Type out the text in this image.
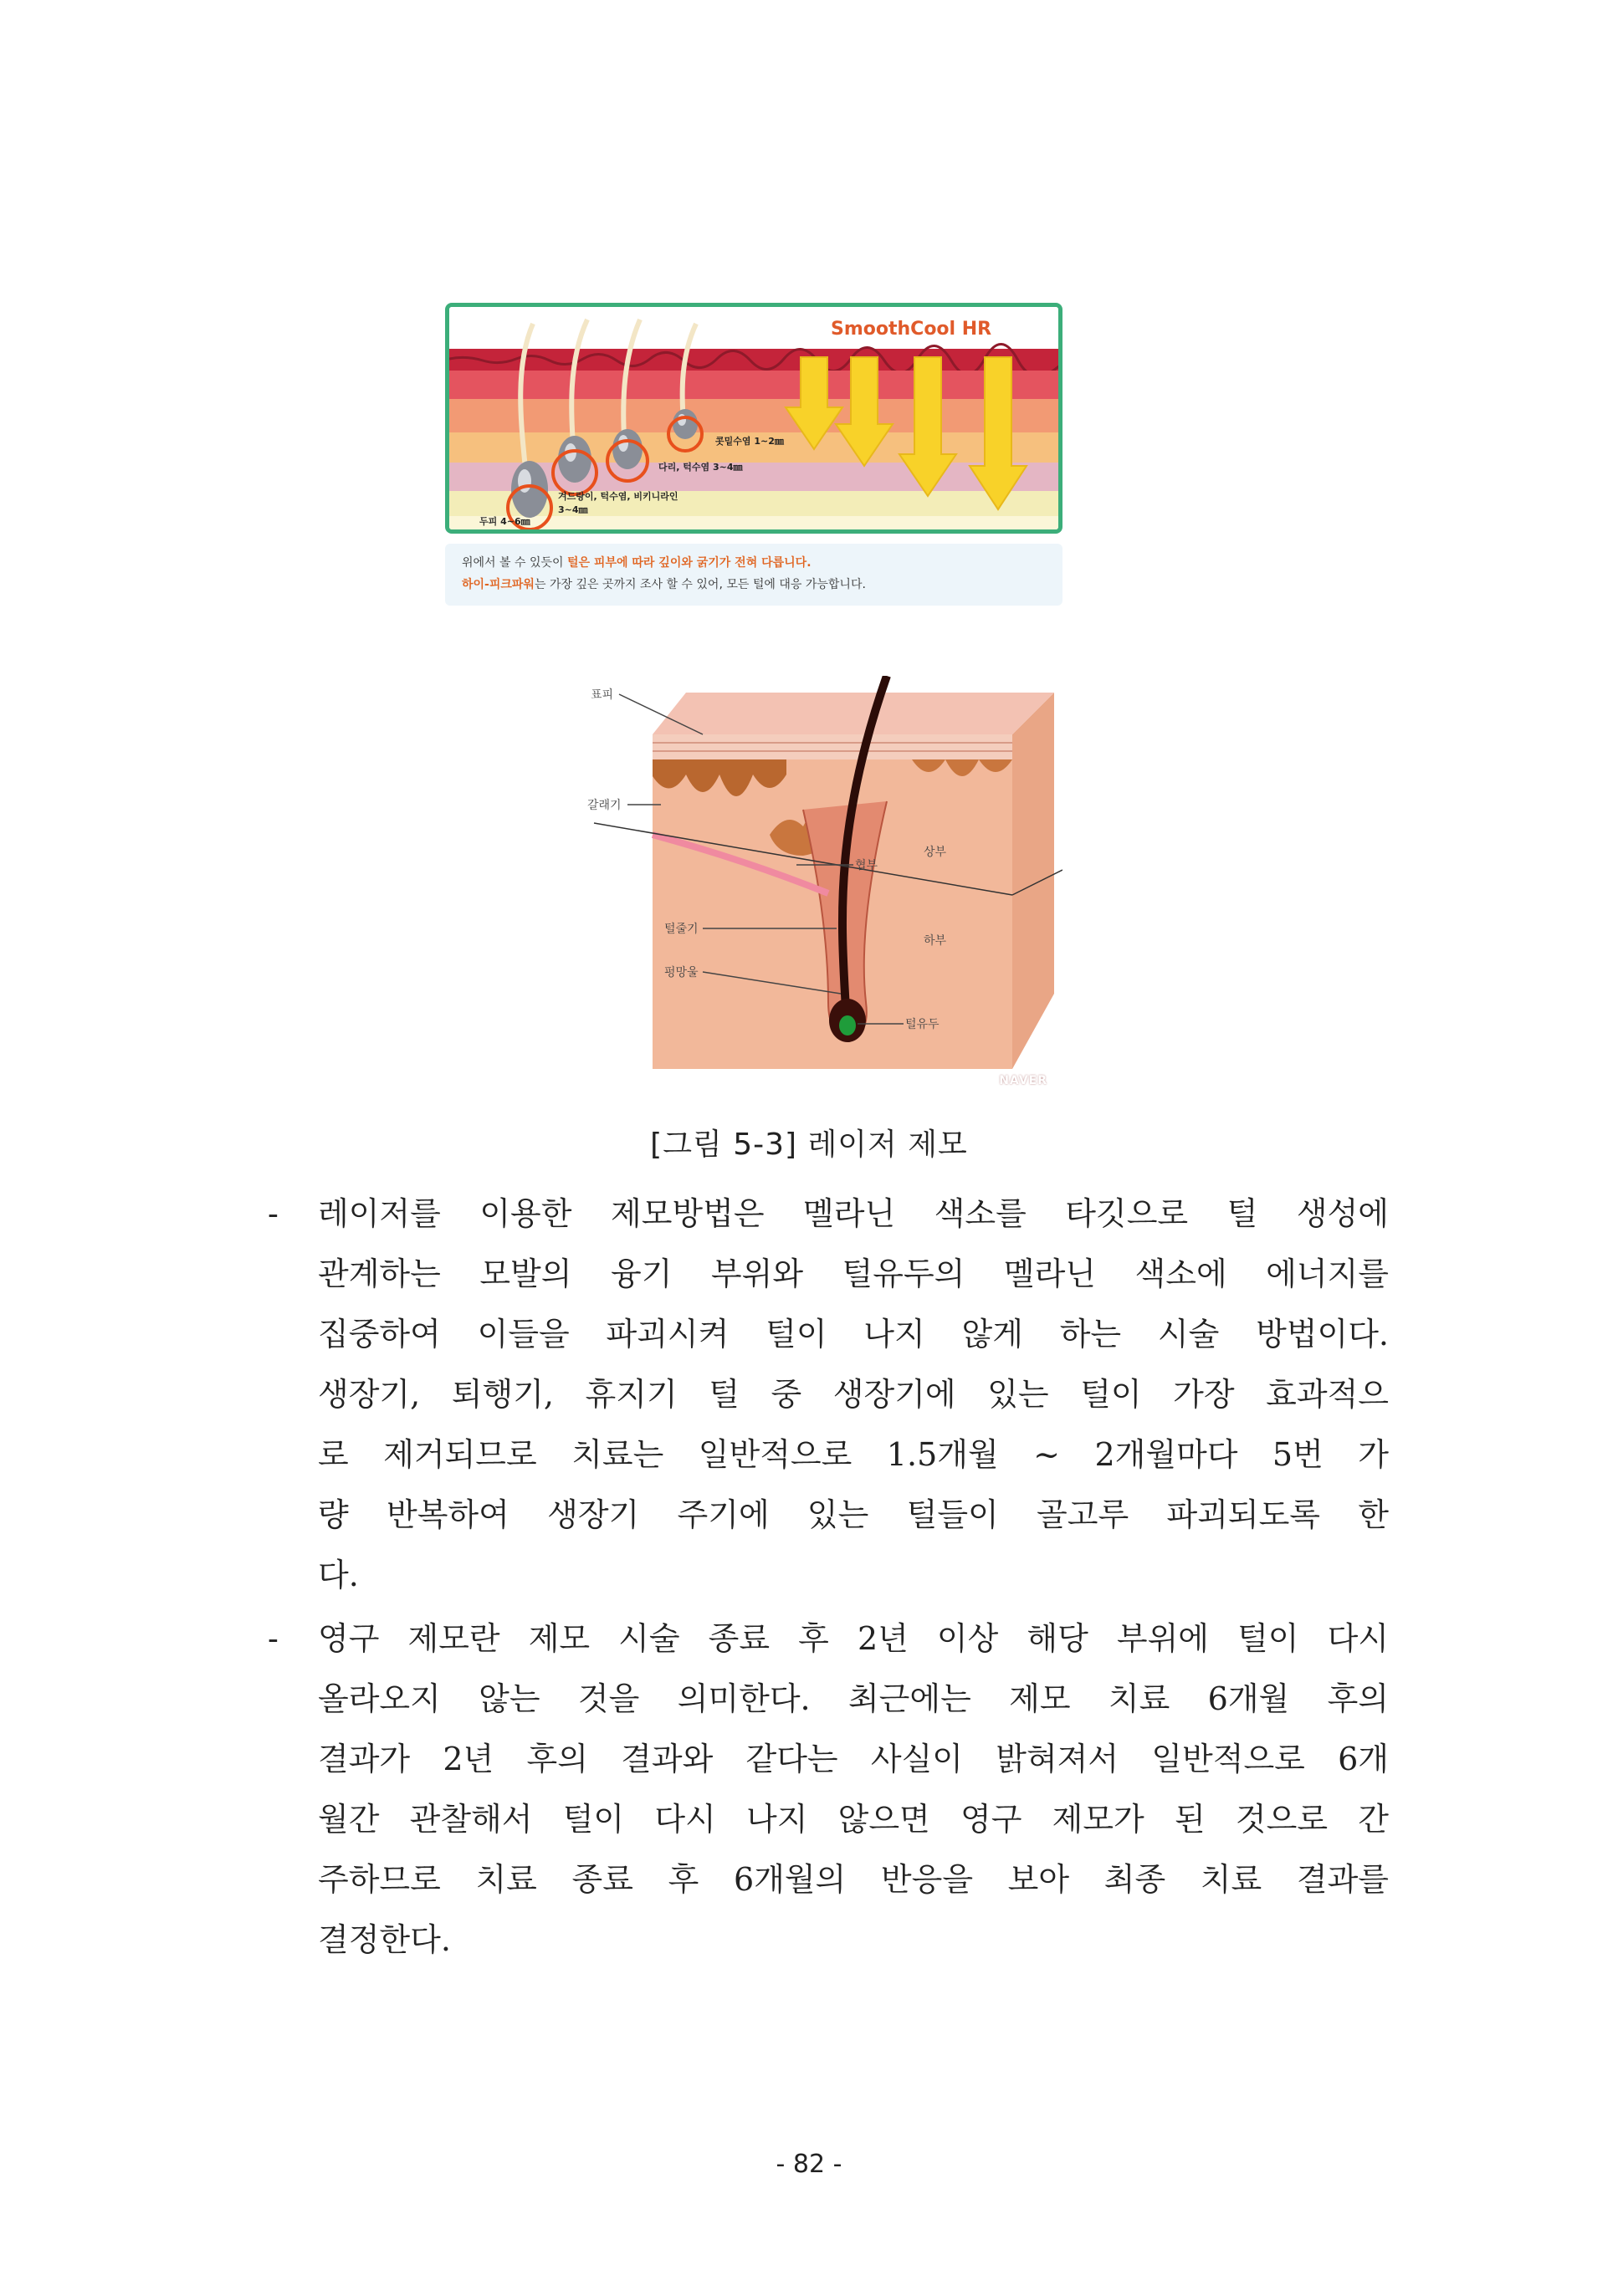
SmoothCool HR
콧밑수염 1~2㎜
다리, 턱수염 3~4㎜
겨드랑이, 턱수염, 비키니라인
3~4㎜
두피 4~6㎜
위에서 볼 수 있듯이 털은 피부에 따라 깊이와 굵기가 전혀 다릅니다.
하이-피크파워는 가장 깊은 곳까지 조사 할 수 있어, 모든 털에 대응 가능합니다.
표피
갈래기
협부
상부
하부
털줄기
펑망울
털유두
NAVER
[그림 5-3] 레이저 제모
-	레이저를 이용한 제모방법은 멜라닌 색소를 타깃으로 털 생성에
관계하는 모발의 융기 부위와 털유두의 멜라닌 색소에 에너지를
집중하여 이들을 파괴시켜 털이 나지 않게 하는 시술 방법이다.
생장기, 퇴행기, 휴지기 털 중 생장기에 있는 털이 가장 효과적으
로 제거되므로 치료는 일반적으로 1.5개월 ~ 2개월마다 5번 가
량 반복하여 생장기 주기에 있는 털들이 골고루 파괴되도록 한
다.
-	영구 제모란 제모 시술 종료 후 2년 이상 해당 부위에 털이 다시
올라오지 않는 것을 의미한다. 최근에는 제모 치료 6개월 후의
결과가 2년 후의 결과와 같다는 사실이 밝혀져서 일반적으로 6개
월간 관찰해서 털이 다시 나지 않으면 영구 제모가 된 것으로 간
주하므로 치료 종료 후 6개월의 반응을 보아 최종 치료 결과를
결정한다.
- 82 -
